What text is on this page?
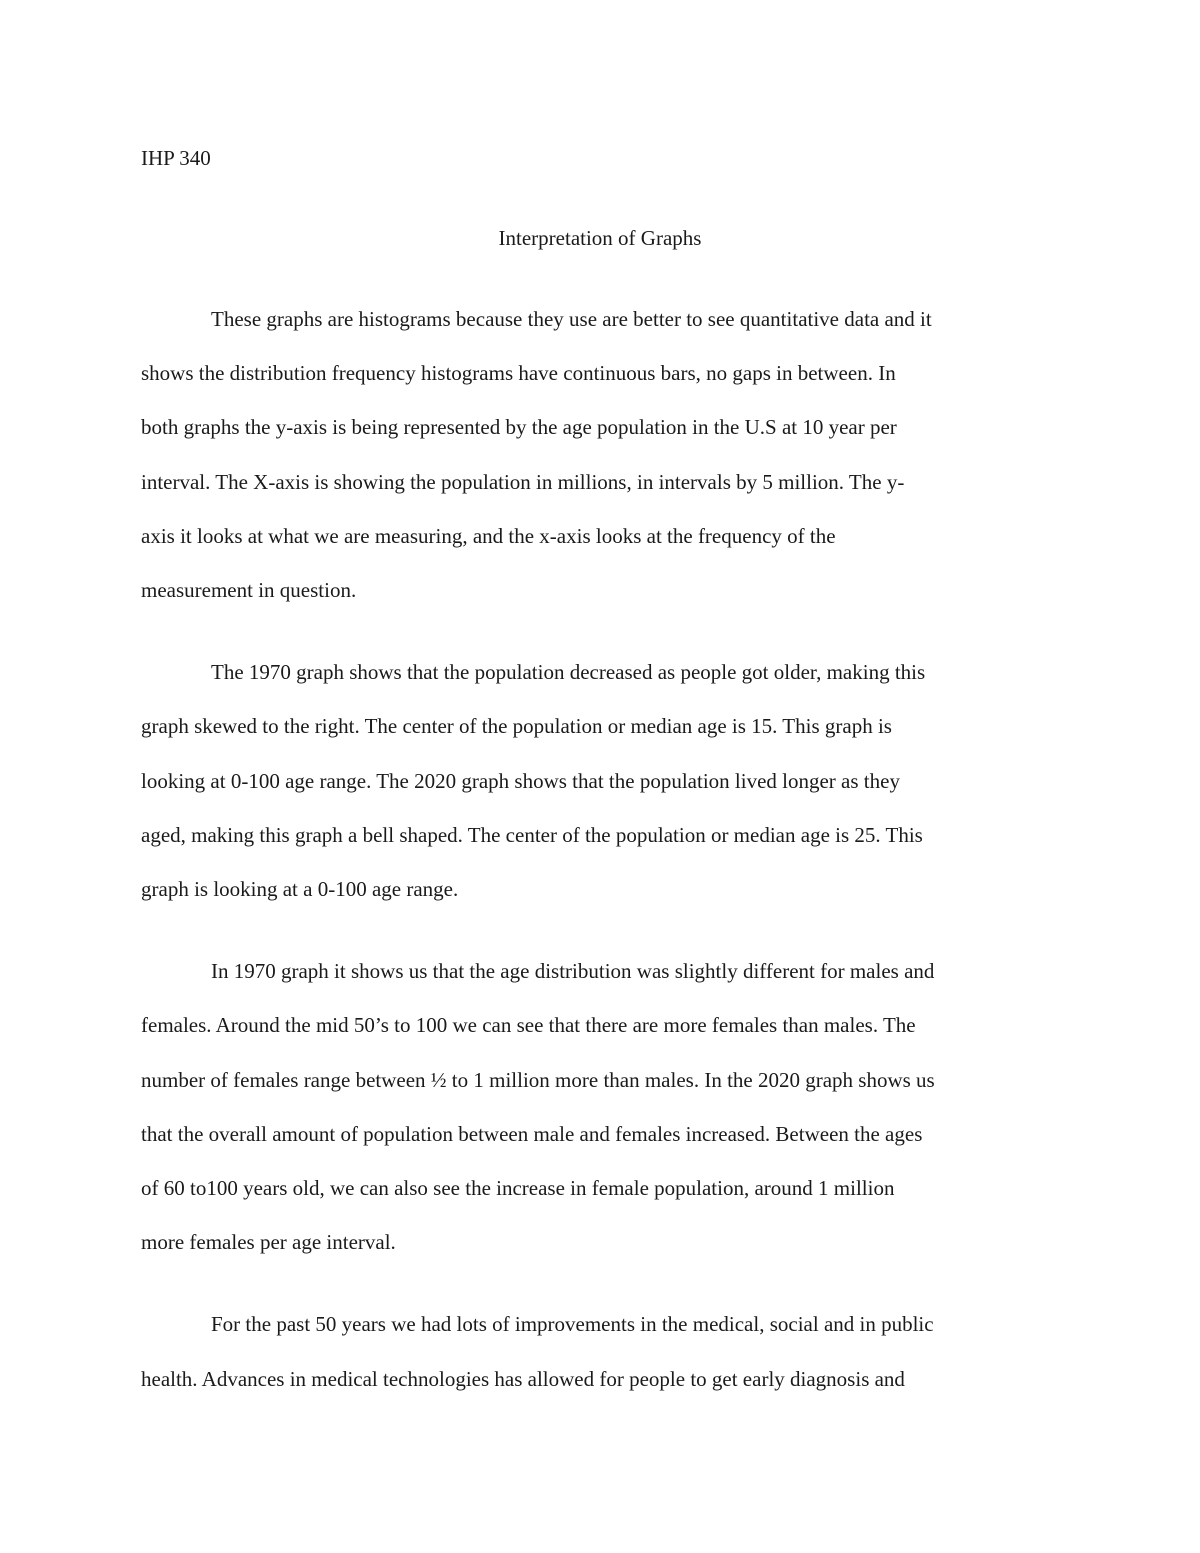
IHP 340

Interpretation of Graphs

These graphs are histograms because they use are better to see quantitative data and it
shows the distribution frequency histograms have continuous bars, no gaps in between. In
both graphs the y-axis is being represented by the age population in the U.S at 10 year per
interval. The X-axis is showing the population in millions, in intervals by 5 million. The y-
axis it looks at what we are measuring, and the x-axis looks at the frequency of the
measurement in question.

The 1970 graph shows that the population decreased as people got older, making this
graph skewed to the right. The center of the population or median age is 15. This graph is
looking at 0-100 age range. The 2020 graph shows that the population lived longer as they
aged, making this graph a bell shaped. The center of the population or median age is 25. This
graph is looking at a 0-100 age range.

In 1970 graph it shows us that the age distribution was slightly different for males and
females. Around the mid 50’s to 100 we can see that there are more females than males. The
number of females range between ½ to 1 million more than males. In the 2020 graph shows us
that the overall amount of population between male and females increased. Between the ages
of 60 to100 years old, we can also see the increase in female population, around 1 million
more females per age interval.

For the past 50 years we had lots of improvements in the medical, social and in public
health. Advances in medical technologies has allowed for people to get early diagnosis and
